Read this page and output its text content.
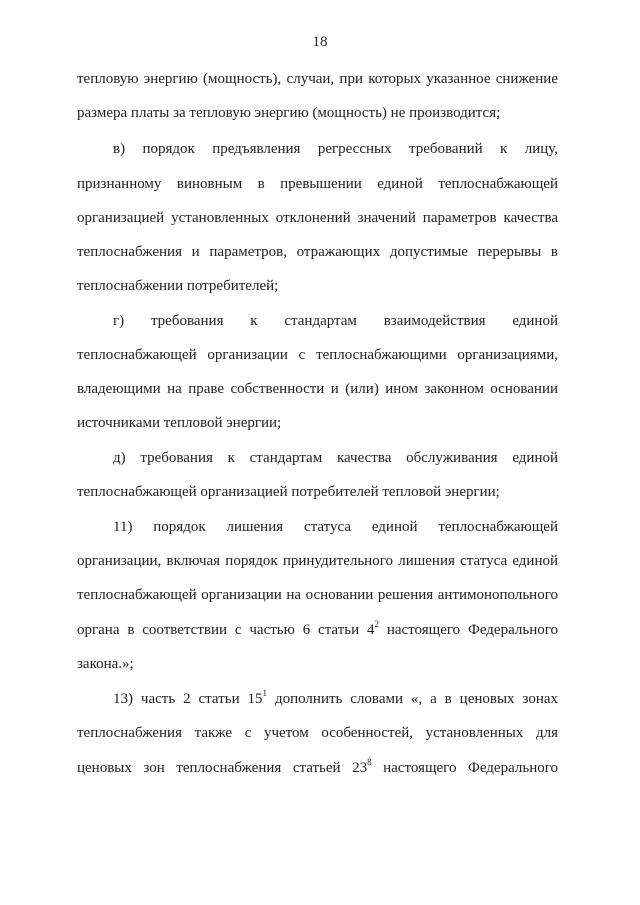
18
тепловую энергию (мощность), случаи, при которых указанное снижение
размера платы за тепловую энергию (мощность) не производится;
в) порядок предъявления регрессных требований к лицу,
признанному виновным в превышении единой теплоснабжающей
организацией установленных отклонений значений параметров качества
теплоснабжения и параметров, отражающих допустимые перерывы в
теплоснабжении потребителей;
г) требования к стандартам взаимодействия единой
теплоснабжающей организации с теплоснабжающими организациями,
владеющими на праве собственности и (или) ином законном основании
источниками тепловой энергии;
д) требования к стандартам качества обслуживания единой
теплоснабжающей организацией потребителей тепловой энергии;
11) порядок лишения статуса единой теплоснабжающей
организации, включая порядок принудительного лишения статуса единой
теплоснабжающей организации на основании решения антимонопольного
органа в соответствии с частью 6 статьи $4^2$ настоящего Федерального
закона.»;
13) часть 2 статьи $15^1$ дополнить словами «, а в ценовых зонах
теплоснабжения также с учетом особенностей, установленных для
ценовых зон теплоснабжения статьей $23^8$ настоящего Федерального
